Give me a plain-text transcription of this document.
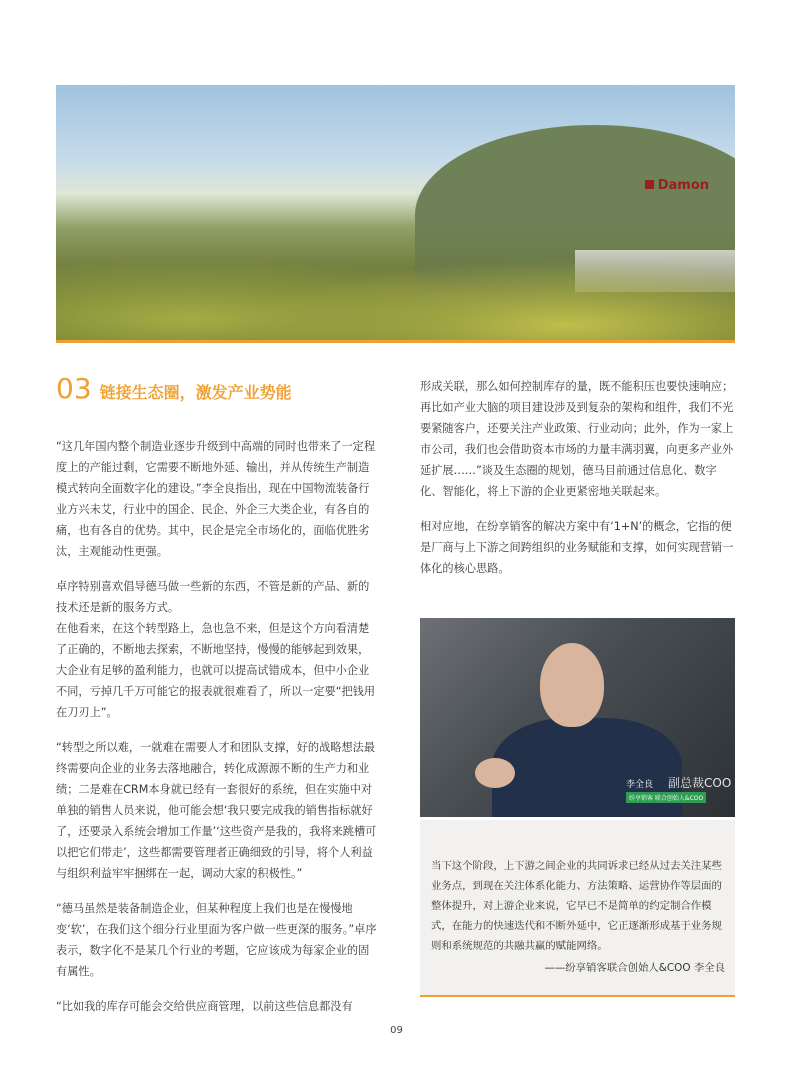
Damon
03 链接生态圈，激发产业势能

“这几年国内整个制造业逐步升级到中高端的同时也带来了一定程度上的产能过剩，它需要不断地外延、输出，并从传统生产制造模式转向全面数字化的建设。”李全良指出，现在中国物流装备行业方兴未艾，行业中的国企、民企、外企三大类企业，有各自的痛，也有各自的优势。其中，民企是完全市场化的，面临优胜劣汰，主观能动性更强。

卓序特别喜欢倡导德马做一些新的东西，不管是新的产品、新的技术还是新的服务方式。

在他看来，在这个转型路上，急也急不来，但是这个方向看清楚了正确的，不断地去探索，不断地坚持，慢慢的能够起到效果，大企业有足够的盈利能力，也就可以提高试错成本，但中小企业不同，亏掉几千万可能它的报表就很难看了，所以一定要“把钱用在刀刃上”。

“转型之所以难，一就难在需要人才和团队支撑，好的战略想法最终需要向企业的业务去落地融合，转化成源源不断的生产力和业绩；二是难在CRM本身就已经有一套很好的系统，但在实施中对单独的销售人员来说，他可能会想‘我只要完成我的销售指标就好了，还要录入系统会增加工作量’‘这些资产是我的，我将来跳槽可以把它们带走’，这些都需要管理者正确细致的引导，将个人利益与组织利益牢牢捆绑在一起，调动大家的积极性。”

“德马虽然是装备制造企业，但某种程度上我们也是在慢慢地变‘软’，在我们这个细分行业里面为客户做一些更深的服务。”卓序表示，数字化不是某几个行业的考题，它应该成为每家企业的固有属性。

“比如我的库存可能会交给供应商管理，以前这些信息都没有

形成关联，那么如何控制库存的量，既不能积压也要快速响应；再比如产业大脑的项目建设涉及到复杂的架构和组件，我们不光要紧随客户，还要关注产业政策、行业动向；此外，作为一家上市公司，我们也会借助资本市场的力量丰满羽翼，向更多产业外延扩展……”谈及生态圈的规划，德马目前通过信息化、数字化、智能化，将上下游的企业更紧密地关联起来。

相对应地，在纷享销客的解决方案中有‘1+N’的概念，它指的便是厂商与上下游之间跨组织的业务赋能和支撑，如何实现营销一体化的核心思路。

李全良 副总裁COO
纷享销客 联合创始人&COO
当下这个阶段，上下游之间企业的共同诉求已经从过去关注某些业务点，到现在关注体系化能力、方法策略、运营协作等层面的整体提升，对上游企业来说，它早已不是简单的约定制合作模式，在能力的快速迭代和不断外延中，它正逐渐形成基于业务规则和系统规范的共融共赢的赋能网络。
——纷享销客联合创始人&COO 李全良
09
